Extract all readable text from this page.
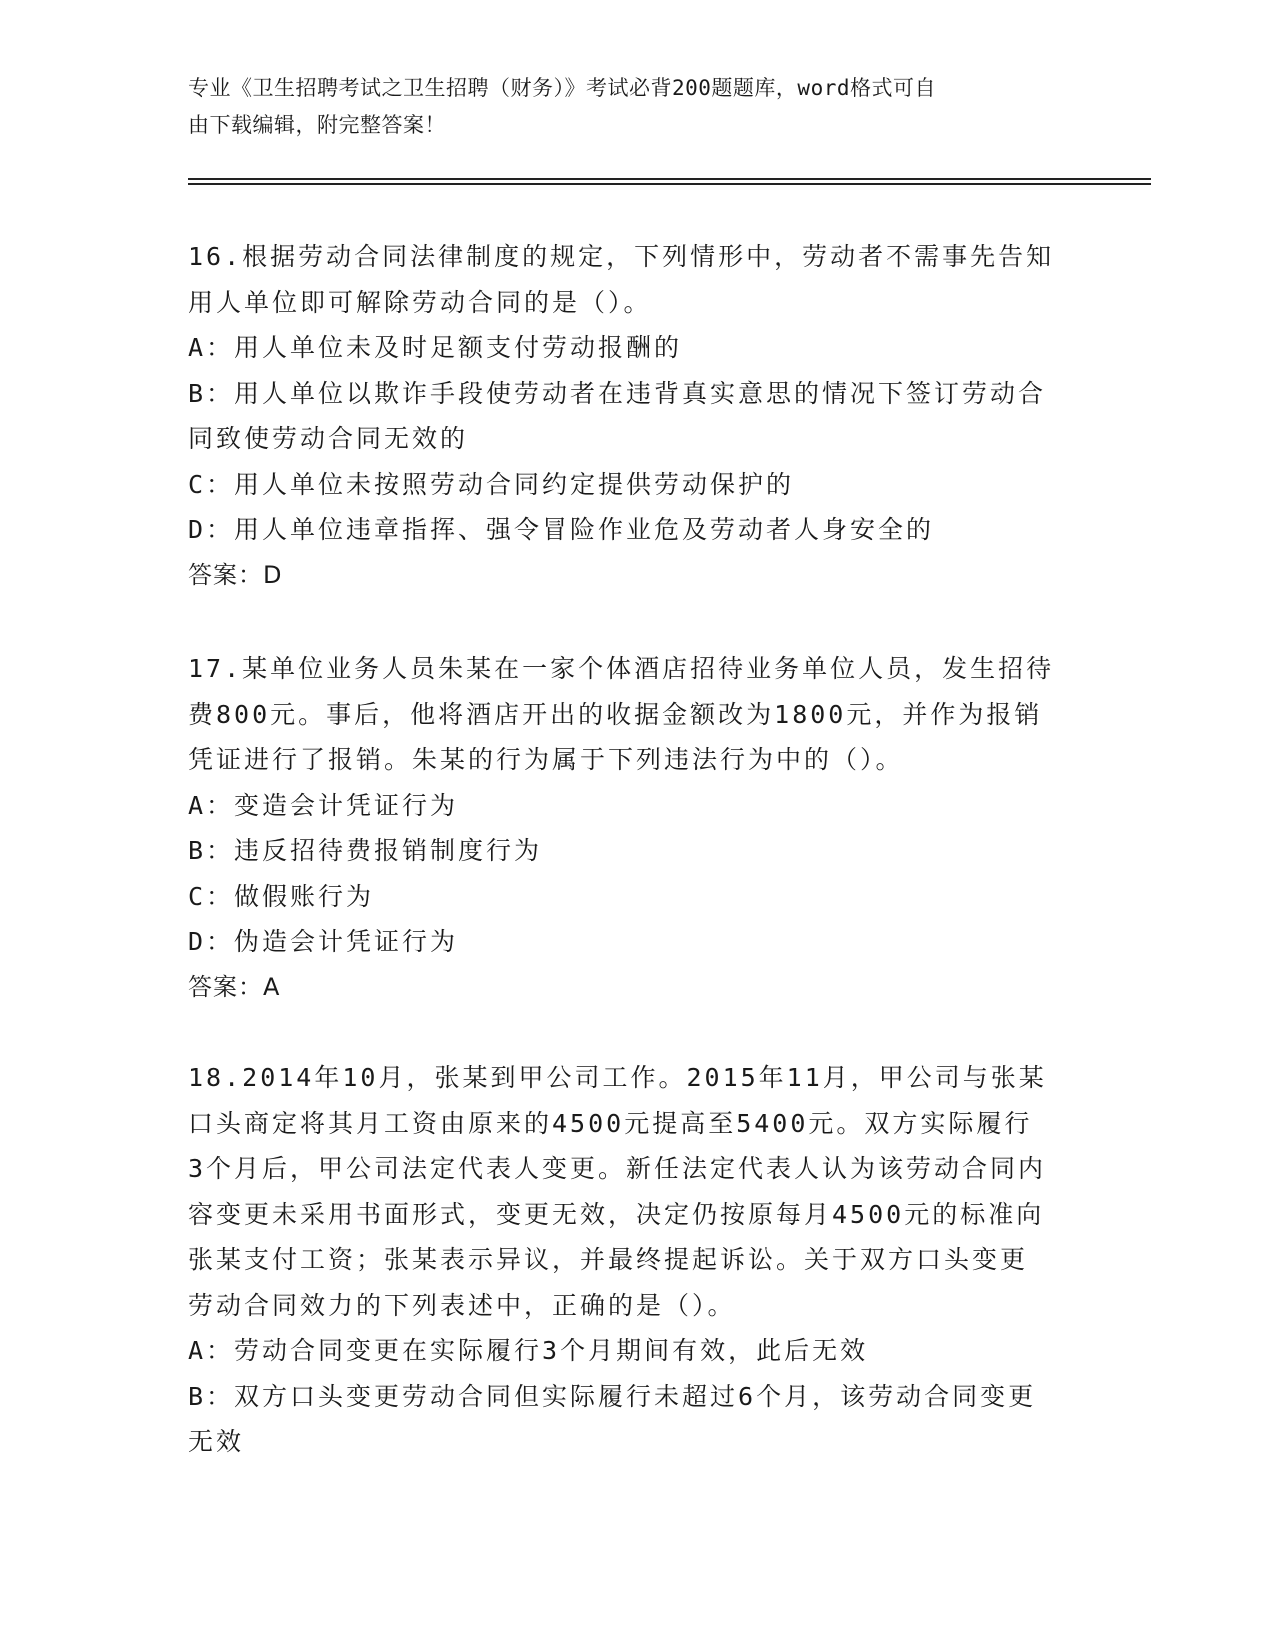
专业《卫生招聘考试之卫生招聘（财务）》考试必背200题题库，word格式可自
由下载编辑，附完整答案！
16.根据劳动合同法律制度的规定，下列情形中，劳动者不需事先告知
用人单位即可解除劳动合同的是（）。
A：用人单位未及时足额支付劳动报酬的
B：用人单位以欺诈手段使劳动者在违背真实意思的情况下签订劳动合
同致使劳动合同无效的
C：用人单位未按照劳动合同约定提供劳动保护的
D：用人单位违章指挥、强令冒险作业危及劳动者人身安全的
答案：D
17.某单位业务人员朱某在一家个体酒店招待业务单位人员，发生招待
费800元。事后，他将酒店开出的收据金额改为1800元，并作为报销
凭证进行了报销。朱某的行为属于下列违法行为中的（）。
A：变造会计凭证行为
B：违反招待费报销制度行为
C：做假账行为
D：伪造会计凭证行为
答案：A
18.2014年10月，张某到甲公司工作。2015年11月，甲公司与张某
口头商定将其月工资由原来的4500元提高至5400元。双方实际履行
3个月后，甲公司法定代表人变更。新任法定代表人认为该劳动合同内
容变更未采用书面形式，变更无效，决定仍按原每月4500元的标准向
张某支付工资；张某表示异议，并最终提起诉讼。关于双方口头变更
劳动合同效力的下列表述中，正确的是（）。
A：劳动合同变更在实际履行3个月期间有效，此后无效
B：双方口头变更劳动合同但实际履行未超过6个月，该劳动合同变更
无效
